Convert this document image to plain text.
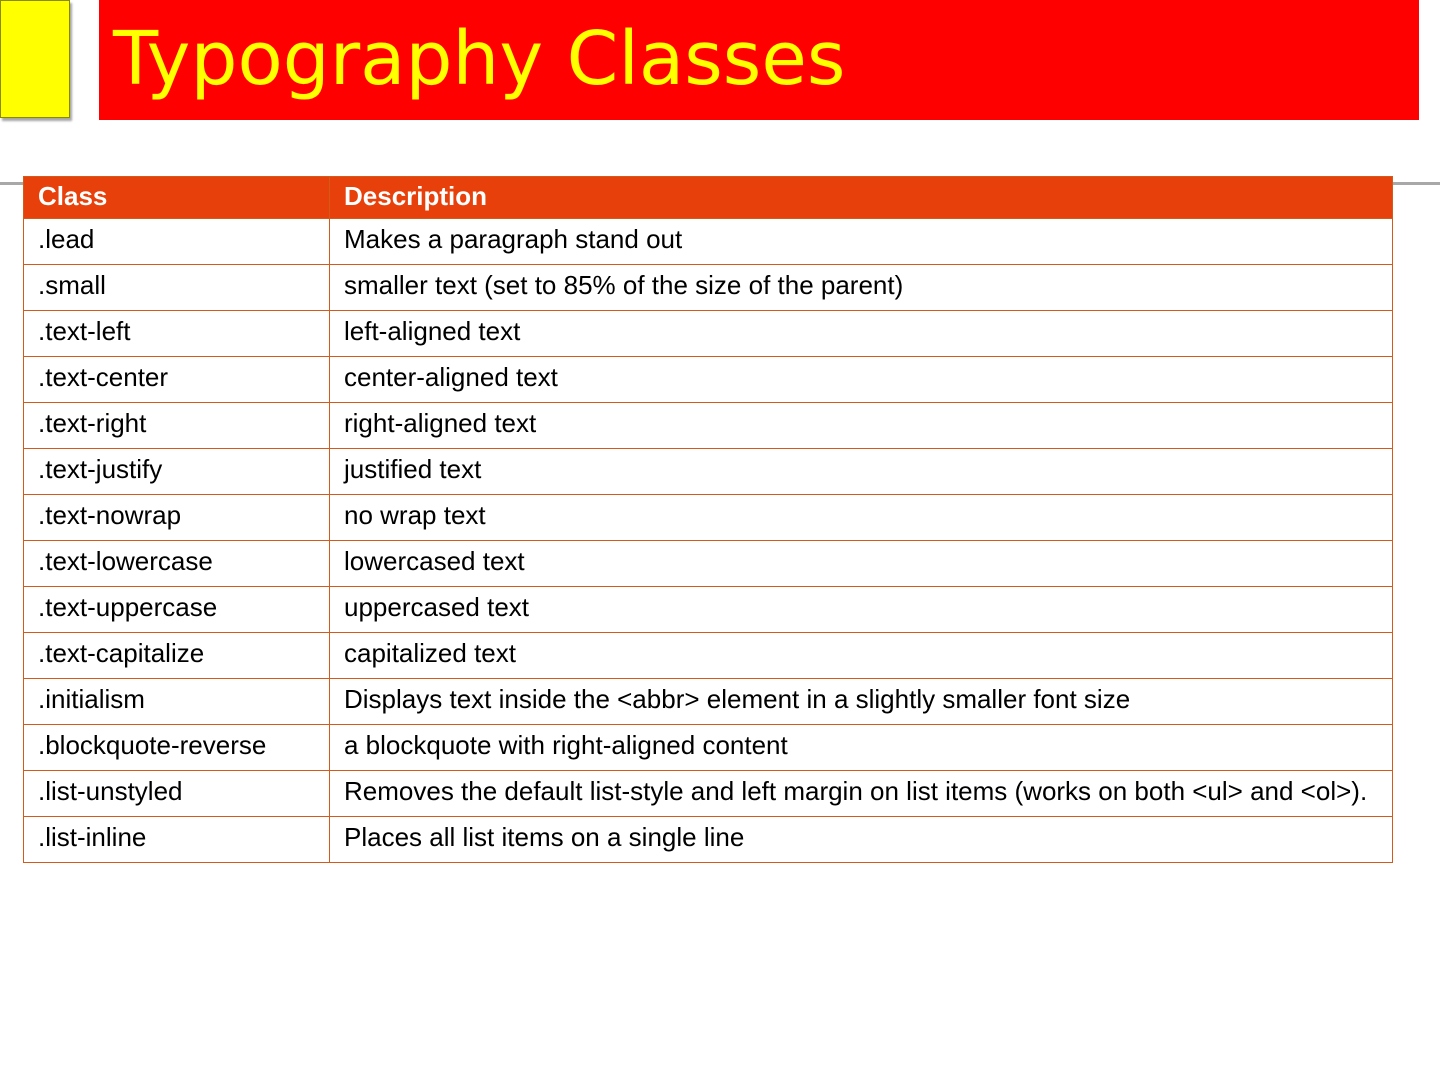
Typography Classes
Class	Description
.lead	Makes a paragraph stand out
.small	smaller text (set to 85% of the size of the parent)
.text-left	left-aligned text
.text-center	center-aligned text
.text-right	right-aligned text
.text-justify	justified text
.text-nowrap	no wrap text
.text-lowercase	lowercased text
.text-uppercase	uppercased text
.text-capitalize	capitalized text
.initialism	Displays text inside the <abbr> element in a slightly smaller font size
.blockquote-reverse	a blockquote with right-aligned content
.list-unstyled	Removes the default list-style and left margin on list items (works on both <ul> and <ol>).
.list-inline	Places all list items on a single line
